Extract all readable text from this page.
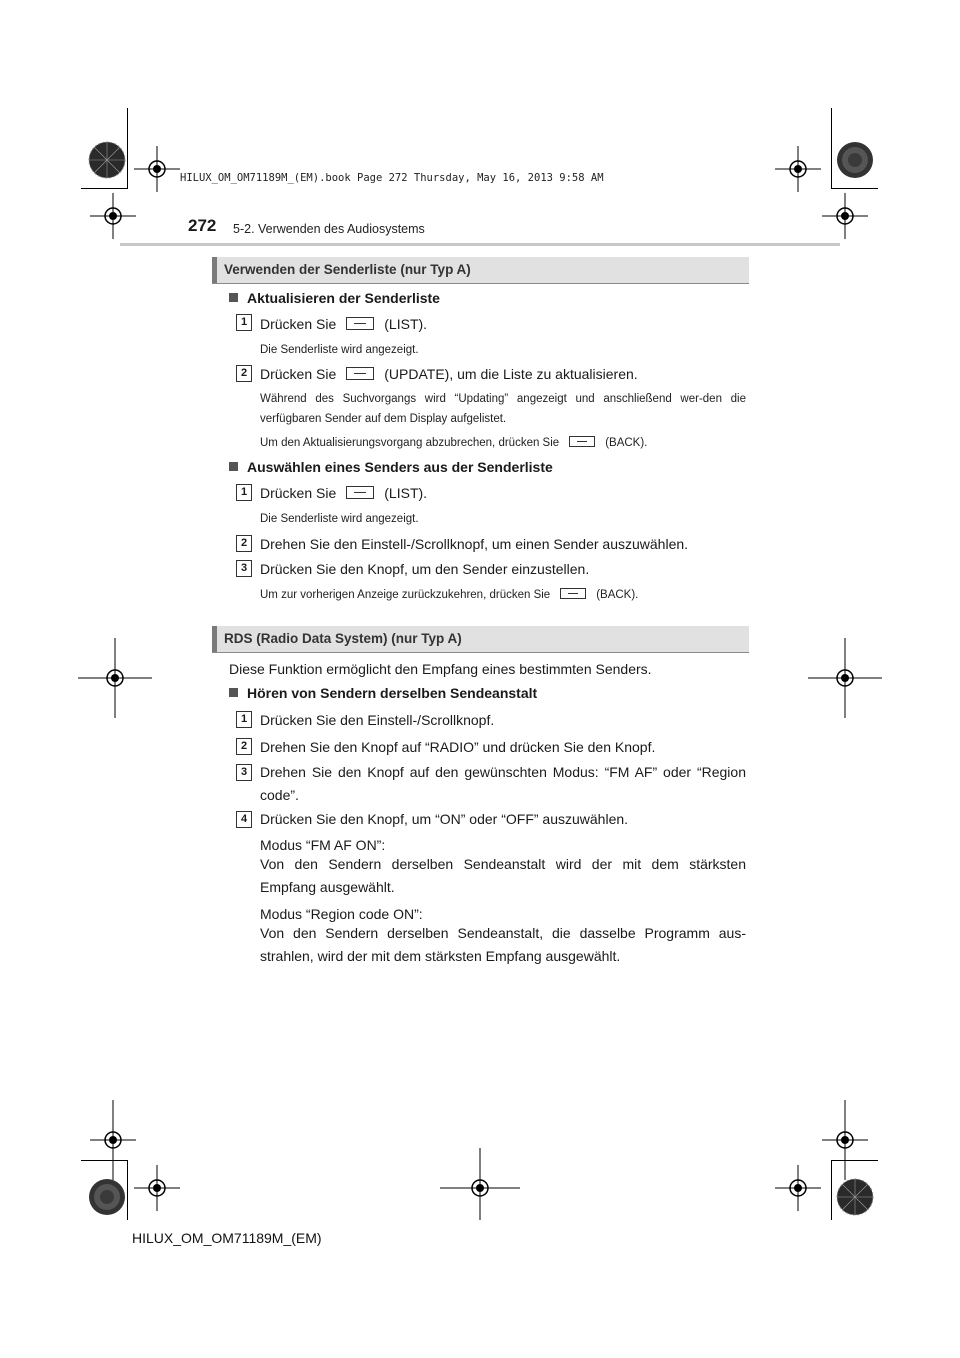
HILUX_OM_OM71189M_(EM).book Page 272 Thursday, May 16, 2013 9:58 AM
272 5-2. Verwenden des Audiosystems
Verwenden der Senderliste (nur Typ A)
Aktualisieren der Senderliste
1 Drücken Sie	(LIST).
Die Senderliste wird angezeigt.
2 Drücken Sie	(UPDATE), um die Liste zu aktualisieren.
Während des Suchvorgangs wird “Updating” angezeigt und anschließend wer-den die verfügbaren Sender auf dem Display aufgelistet.
Um den Aktualisierungsvorgang abzubrechen, drücken Sie	(BACK).
Auswählen eines Senders aus der Senderliste
1 Drücken Sie	(LIST).
Die Senderliste wird angezeigt.
2 Drehen Sie den Einstell-/Scrollknopf, um einen Sender auszuwählen.
3 Drücken Sie den Knopf, um den Sender einzustellen.
Um zur vorherigen Anzeige zurückzukehren, drücken Sie	(BACK).
RDS (Radio Data System) (nur Typ A)
Diese Funktion ermöglicht den Empfang eines bestimmten Senders.
Hören von Sendern derselben Sendeanstalt
1 Drücken Sie den Einstell-/Scrollknopf.
2 Drehen Sie den Knopf auf “RADIO” und drücken Sie den Knopf.
3 Drehen Sie den Knopf auf den gewünschten Modus: “FM AF” oder “Region code”.
4 Drücken Sie den Knopf, um “ON” oder “OFF” auszuwählen.
Modus “FM AF ON”:
Von den Sendern derselben Sendeanstalt wird der mit dem stärksten Empfang ausgewählt.
Modus “Region code ON”:
Von den Sendern derselben Sendeanstalt, die dasselbe Programm aus-strahlen, wird der mit dem stärksten Empfang ausgewählt.
HILUX_OM_OM71189M_(EM)
